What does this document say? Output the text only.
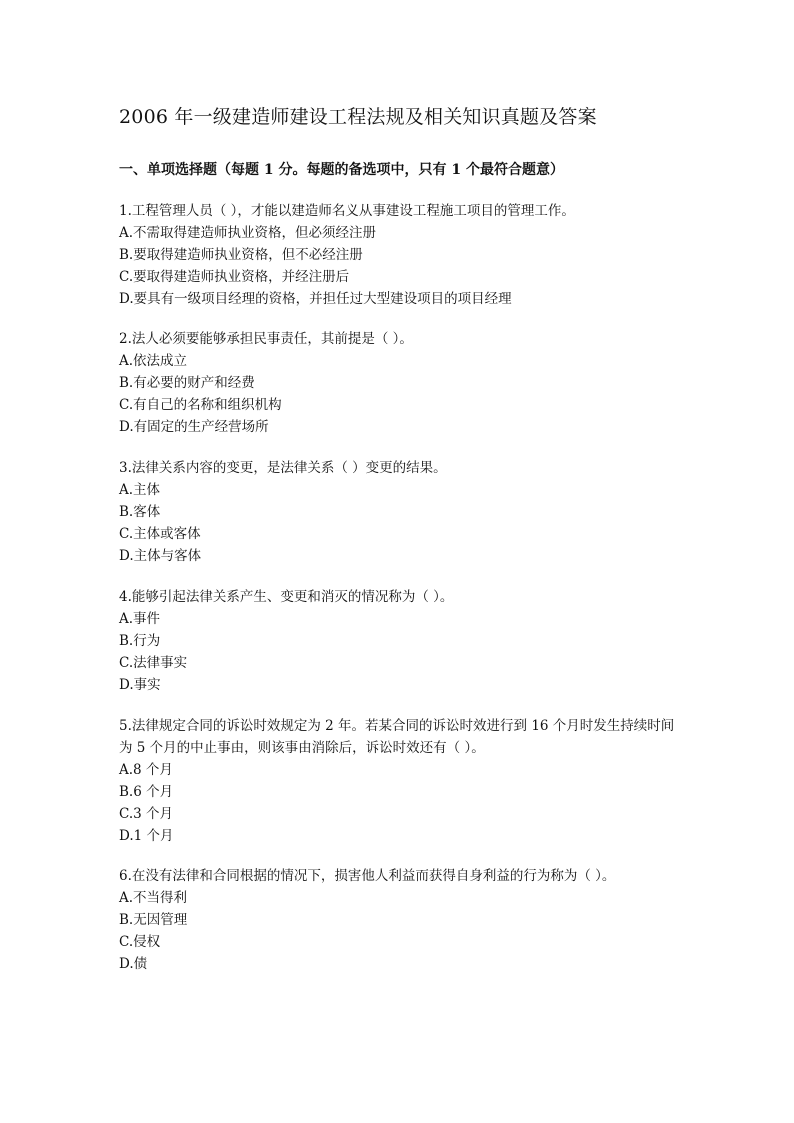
2006 年一级建造师建设工程法规及相关知识真题及答案
一、单项选择题（每题 1 分。每题的备选项中，只有 1 个最符合题意）

1.工程管理人员（ ），才能以建造师名义从事建设工程施工项目的管理工作。

A.不需取得建造师执业资格，但必须经注册

B.要取得建造师执业资格，但不必经注册

C.要取得建造师执业资格，并经注册后

D.要具有一级项目经理的资格，并担任过大型建设项目的项目经理

2.法人必须要能够承担民事责任，其前提是（ ）。

A.依法成立

B.有必要的财产和经费

C.有自己的名称和组织机构

D.有固定的生产经营场所

3.法律关系内容的变更，是法律关系（ ）变更的结果。

A.主体

B.客体

C.主体或客体

D.主体与客体

4.能够引起法律关系产生、变更和消灭的情况称为（ ）。

A.事件

B.行为

C.法律事实

D.事实

5.法律规定合同的诉讼时效规定为 2 年。若某合同的诉讼时效进行到 16 个月时发生持续时间为 5 个月的中止事由，则该事由消除后，诉讼时效还有（ ）。

A.8 个月

B.6 个月

C.3 个月

D.1 个月

6.在没有法律和合同根据的情况下，损害他人利益而获得自身利益的行为称为（ ）。

A.不当得利

B.无因管理

C.侵权

D.债
